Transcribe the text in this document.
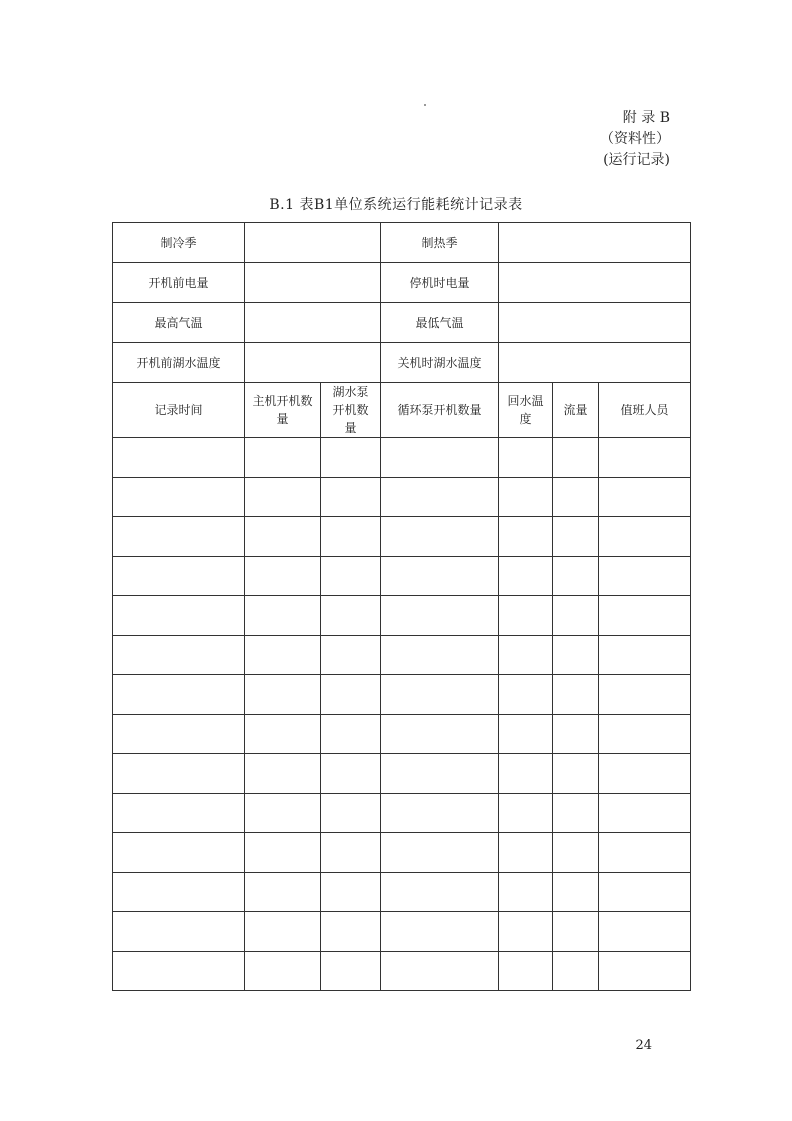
附 录 B
（资料性）
(运行记录)
B.1 表B1单位系统运行能耗统计记录表
制冷季			制热季			
开机前电量			停机时电量			
最高气温			最低气温			
开机前湖水温度			关机时湖水温度			
记录时间	主机开机数量	湖水泵开机数量	循环泵开机数量	回水温度	流量	值班人员

24
